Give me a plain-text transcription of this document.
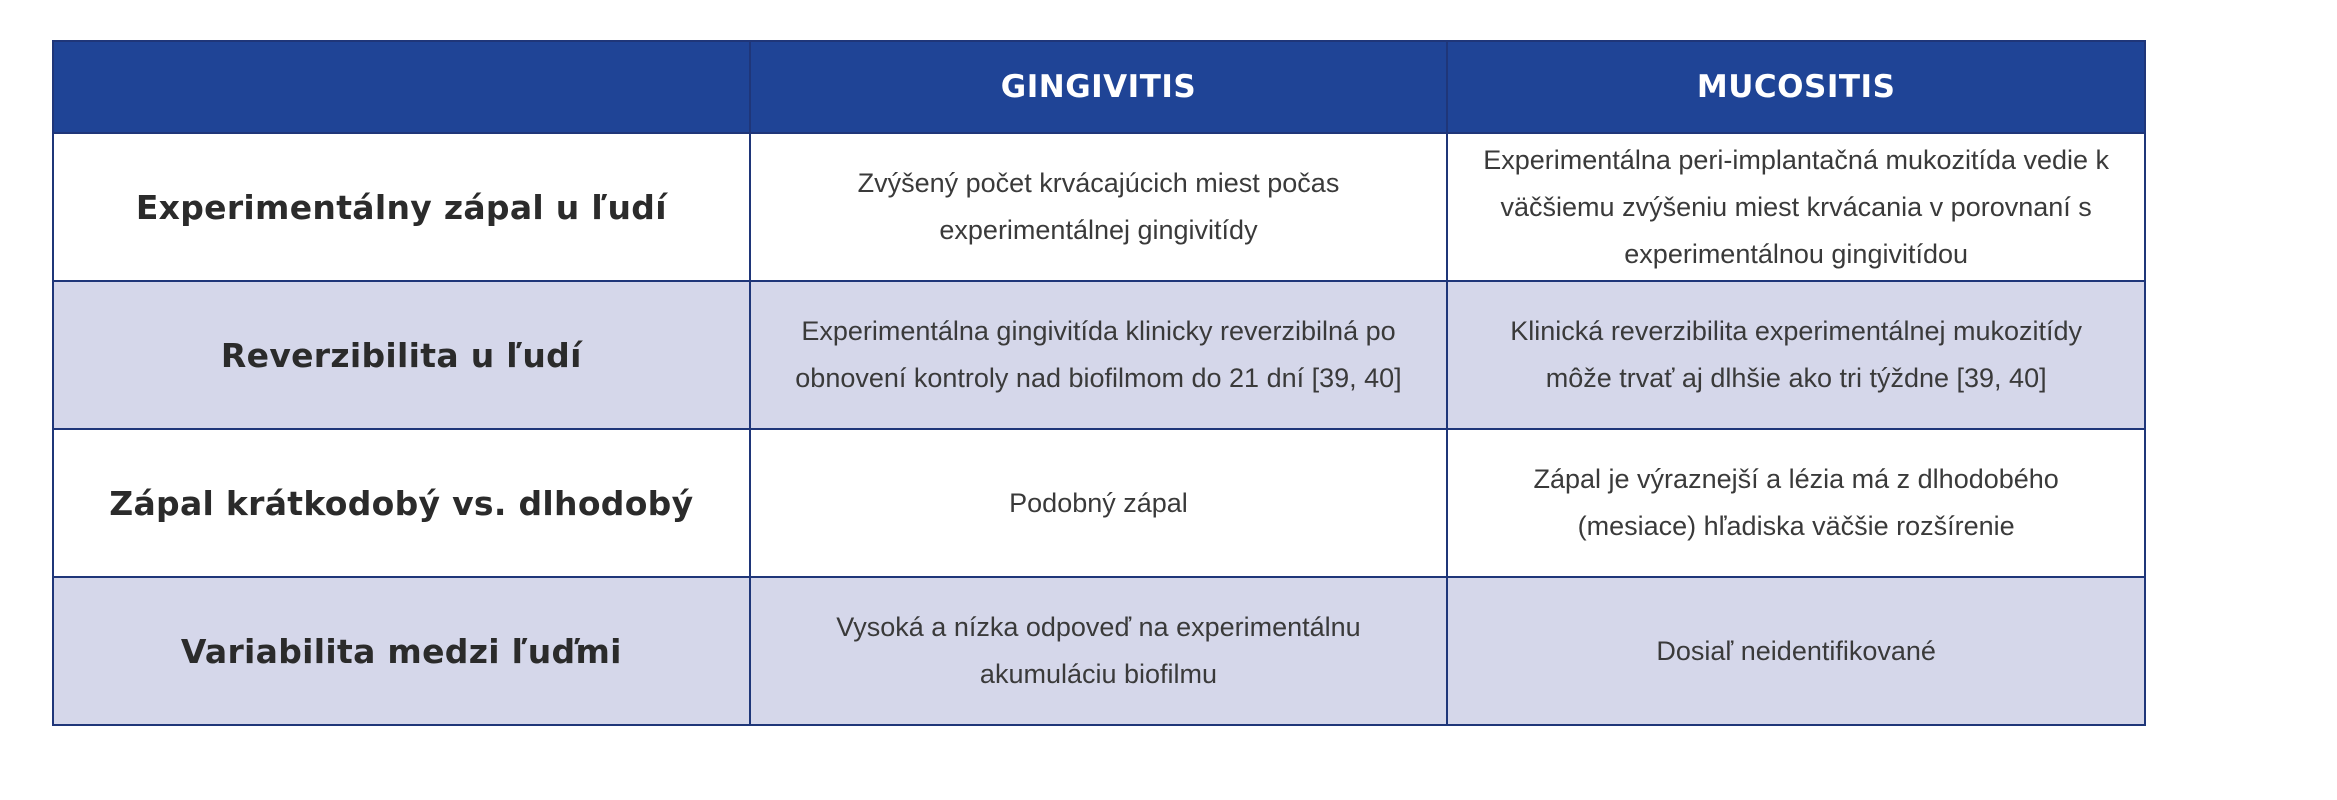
	GINGIVITIS	MUCOSITIS
Experimentálny zápal u ľudí	Zvýšený počet krvácajúcich miest počas experimentálnej gingivitídy	Experimentálna peri-implantačná mukozitída vedie k väčšiemu zvýšeniu miest krvácania v porovnaní s experimentálnou gingivitídou
Reverzibilita u ľudí	Experimentálna gingivitída klinicky reverzibilná po obnovení kontroly nad biofilmom do 21 dní [39, 40]	Klinická reverzibilita experimentálnej mukozitídy môže trvať aj dlhšie ako tri týždne [39, 40]
Zápal krátkodobý vs. dlhodobý	Podobný zápal	Zápal je výraznejší a lézia má z dlhodobého (mesiace) hľadiska väčšie rozšírenie
Variabilita medzi ľuďmi	Vysoká a nízka odpoveď na experimentálnu akumuláciu biofilmu	Dosiaľ neidentifikované
